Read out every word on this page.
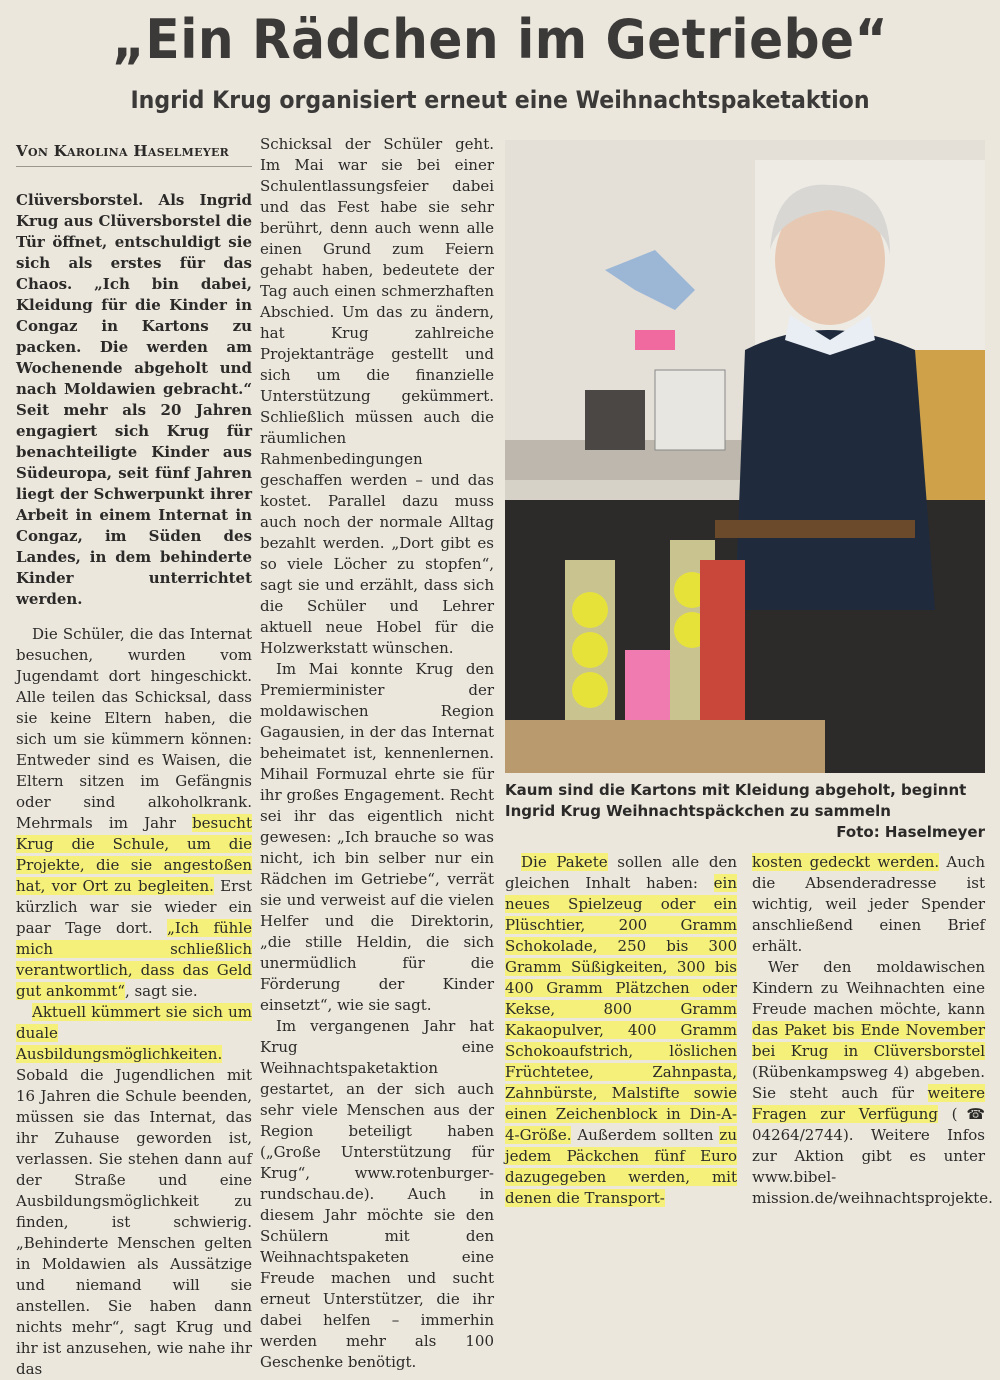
„Ein Rädchen im Getriebe“
Ingrid Krug organisiert erneut eine Weihnachtspaketaktion
Von Karolina Haselmeyer

Clüversborstel. Als Ingrid Krug aus Clüversborstel die Tür öffnet, entschuldigt sie sich als erstes für das Chaos. „Ich bin dabei, Kleidung für die Kinder in Congaz in Kartons zu packen. Die werden am Wochenende abgeholt und nach Moldawien gebracht.“ Seit mehr als 20 Jahren engagiert sich Krug für benachteiligte Kinder aus Südeuropa, seit fünf Jahren liegt der Schwerpunkt ihrer Arbeit in einem Internat in Congaz, im Süden des Landes, in dem behinderte Kinder unterrichtet werden.

Die Schüler, die das Internat besuchen, wurden vom Jugendamt dort hingeschickt. Alle teilen das Schicksal, dass sie keine Eltern haben, die sich um sie kümmern können: Entweder sind es Waisen, die Eltern sitzen im Gefängnis oder sind alkoholkrank. Mehrmals im Jahr besucht Krug die Schule, um die Projekte, die sie angestoßen hat, vor Ort zu begleiten. Erst kürzlich war sie wieder ein paar Tage dort. „Ich fühle mich schließlich verantwortlich, dass das Geld gut ankommt“, sagt sie.

Aktuell kümmert sie sich um duale Ausbildungsmöglichkeiten. Sobald die Jugendlichen mit 16 Jahren die Schule beenden, müssen sie das Internat, das ihr Zuhause geworden ist, verlassen. Sie stehen dann auf der Straße und eine Ausbildungsmöglichkeit zu finden, ist schwierig. „Behinderte Menschen gelten in Moldawien als Aussätzige und niemand will sie anstellen. Sie haben dann nichts mehr“, sagt Krug und ihr ist anzusehen, wie nahe ihr das

Schicksal der Schüler geht. Im Mai war sie bei einer Schulentlassungsfeier dabei und das Fest habe sie sehr berührt, denn auch wenn alle einen Grund zum Feiern gehabt haben, bedeutete der Tag auch einen schmerzhaften Abschied. Um das zu ändern, hat Krug zahlreiche Projektanträge gestellt und sich um die finanzielle Unterstützung gekümmert. Schließlich müssen auch die räumlichen Rahmenbedingungen geschaffen werden – und das kostet. Parallel dazu muss auch noch der normale Alltag bezahlt werden. „Dort gibt es so viele Löcher zu stopfen“, sagt sie und erzählt, dass sich die Schüler und Lehrer aktuell neue Hobel für die Holzwerkstatt wünschen.

Im Mai konnte Krug den Premierminister der moldawischen Region Gagausien, in der das Internat beheimatet ist, kennenlernen. Mihail Formuzal ehrte sie für ihr großes Engagement. Recht sei ihr das eigentlich nicht gewesen: „Ich brauche so was nicht, ich bin selber nur ein Rädchen im Getriebe“, verrät sie und verweist auf die vielen Helfer und die Direktorin, „die stille Heldin, die sich unermüdlich für die Förderung der Kinder einsetzt“, wie sie sagt.

Im vergangenen Jahr hat Krug eine Weihnachtspaketaktion gestartet, an der sich auch sehr viele Menschen aus der Region beteiligt haben („Große Unterstützung für Krug“, www.rotenburger-rundschau.de). Auch in diesem Jahr möchte sie den Schülern mit den Weihnachtspaketen eine Freude machen und sucht erneut Unterstützer, die ihr dabei helfen – immerhin werden mehr als 100 Geschenke benötigt.

Kaum sind die Kartons mit Kleidung abgeholt, beginnt Ingrid Krug Weihnachtspäckchen zu sammeln
Foto: Haselmeyer

Die Pakete sollen alle den gleichen Inhalt haben: ein neues Spielzeug oder ein Plüschtier, 200 Gramm Schokolade, 250 bis 300 Gramm Süßigkeiten, 300 bis 400 Gramm Plätzchen oder Kekse, 800 Gramm Kakaopulver, 400 Gramm Schokoaufstrich, löslichen Früchtetee, Zahnpasta, Zahnbürste, Malstifte sowie einen Zeichenblock in Din-A-4-Größe. Außerdem sollten zu jedem Päckchen fünf Euro dazugegeben werden, mit denen die Transport-

kosten gedeckt werden. Auch die Absenderadresse ist wichtig, weil jeder Spender anschließend einen Brief erhält.

Wer den moldawischen Kindern zu Weihnachten eine Freude machen möchte, kann das Paket bis Ende November bei Krug in Clüversborstel (Rübenkampsweg 4) abgeben. Sie steht auch für weitere Fragen zur Verfügung (☎ 04264/2744). Weitere Infos zur Aktion gibt es unter www.bibel-mission.de/weihnachtsprojekte.
